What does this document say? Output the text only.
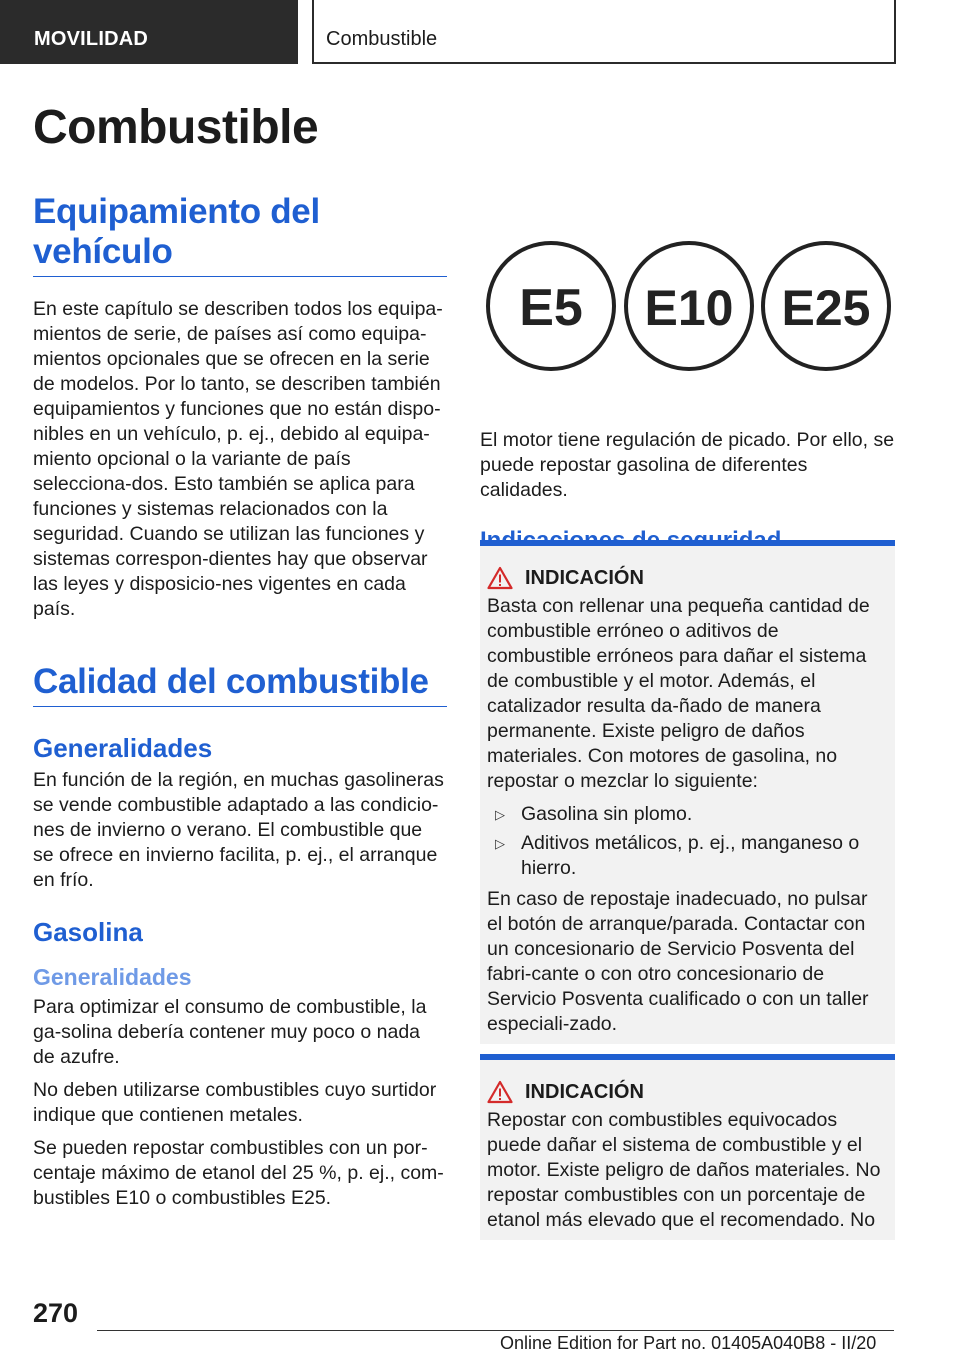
MOVILIDAD	Combustible
Combustible
Equipamiento del vehículo

En este capítulo se describen todos los equipa-mientos de serie, de países así como equipa-mientos opcionales que se ofrecen en la serie de modelos. Por lo tanto, se describen también equipamientos y funciones que no están dispo-nibles en un vehículo, p. ej., debido al equipa-miento opcional o la variante de país selecciona-dos. Esto también se aplica para funciones y sistemas relacionados con la seguridad. Cuando se utilizan las funciones y sistemas correspon-dientes hay que observar las leyes y disposicio-nes vigentes en cada país.

Calidad del combustible
Generalidades

En función de la región, en muchas gasolineras se vende combustible adaptado a las condicio-nes de invierno o verano. El combustible que se ofrece en invierno facilita, p. ej., el arranque en frío.

Gasolina
Generalidades

Para optimizar el consumo de combustible, la ga-solina debería contener muy poco o nada de azufre.

No deben utilizarse combustibles cuyo surtidor indique que contienen metales.

Se pueden repostar combustibles con un por-centaje máximo de etanol del 25 %, p. ej., com-bustibles E10 o combustibles E25.

E5 E10 E25

El motor tiene regulación de picado. Por ello, se puede repostar gasolina de diferentes calidades.

INDICACIÓN

Basta con rellenar una pequeña cantidad de combustible erróneo o aditivos de combustible erróneos para dañar el sistema de combustible y el motor. Además, el catalizador resulta da-ñado de manera permanente. Existe peligro de daños materiales. Con motores de gasolina, no repostar o mezclar lo siguiente:

▷ Gasolina sin plomo.
▷ Aditivos metálicos, p. ej., manganeso o hierro.

En caso de repostaje inadecuado, no pulsar el botón de arranque/parada. Contactar con un concesionario de Servicio Posventa del fabri-cante o con otro concesionario de Servicio Posventa cualificado o con un taller especiali-zado.

INDICACIÓN

Repostar con combustibles equivocados puede dañar el sistema de combustible y el motor. Existe peligro de daños materiales. No repostar combustibles con un porcentaje de etanol más elevado que el recomendado. No

270
Online Edition for Part no. 01405A040B8 - II/20
